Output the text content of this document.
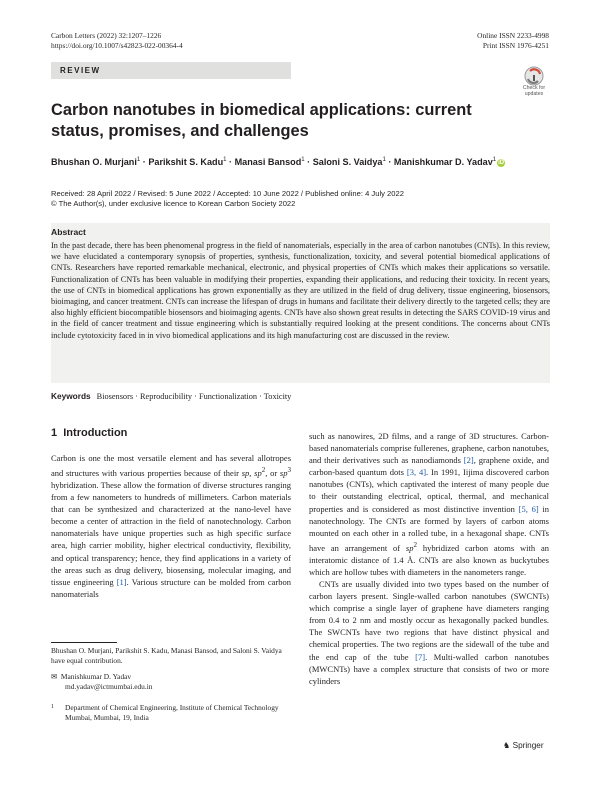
Carbon Letters (2022) 32:1207–1226
https://doi.org/10.1007/s42823-022-00364-4
Online ISSN 2233-4998
Print ISSN 1976-4251
REVIEW
Check for
updates
Carbon nanotubes in biomedical applications: current status, promises, and challenges
Bhushan O. Murjani$^1$ · Parikshit S. Kadu$^1$ · Manasi Bansod$^1$ · Saloni S. Vaidya$^1$ · Manishkumar D. Yadav$^1$ iD
Received: 28 April 2022 / Revised: 5 June 2022 / Accepted: 10 June 2022 / Published online: 4 July 2022
© The Author(s), under exclusive licence to Korean Carbon Society 2022
Abstract
In the past decade, there has been phenomenal progress in the field of nanomaterials, especially in the area of carbon nanotubes (CNTs). In this review, we have elucidated a contemporary synopsis of properties, synthesis, functionalization, toxicity, and several potential biomedical applications of CNTs. Researchers have reported remarkable mechanical, electronic, and physical properties of CNTs which makes their applications so versatile. Functionalization of CNTs has been valuable in modifying their properties, expanding their applications, and reducing their toxicity. In recent years, the use of CNTs in biomedical applications has grown exponentially as they are utilized in the field of drug delivery, tissue engineering, biosensors, bioimaging, and cancer treatment. CNTs can increase the lifespan of drugs in humans and facilitate their delivery directly to the targeted cells; they are also highly efficient biocompatible biosensors and bioimaging agents. CNTs have also shown great results in detecting the SARS COVID-19 virus and in the field of cancer treatment and tissue engineering which is substantially required looking at the present conditions. The concerns about CNTs include cytotoxicity faced in in vivo biomedical applications and its high manufacturing cost are discussed in the review.
Keywords Biosensors · Reproducibility · Functionalization · Toxicity
1 Introduction

Carbon is one the most versatile element and has several allotropes and structures with various properties because of their sp, $sp^2$, or $sp^3$ hybridization. These allow the formation of diverse structures ranging from a few nanometers to hundreds of millimeters. Carbon materials that can be synthesized and characterized at the nano-level have become a center of attraction in the field of nanotechnology. Carbon nanomaterials have unique properties such as high specific surface area, high carrier mobility, higher electrical conductivity, flexibility, and optical transparency; hence, they find applications in a variety of the areas such as drug delivery, biosensing, molecular imaging, and tissue engineering [1]. Various structure can be molded from carbon nanomaterials

such as nanowires, 2D films, and a range of 3D structures. Carbon-based nanomaterials comprise fullerenes, graphene, carbon nanotubes, and their derivatives such as nanodiamonds [2], graphene oxide, and carbon-based quantum dots [3, 4]. In 1991, Iijima discovered carbon nanotubes (CNTs), which captivated the interest of many people due to their outstanding electrical, optical, thermal, and mechanical properties and is considered as most distinctive invention [5, 6] in nanotechnology. The CNTs are formed by layers of carbon atoms mounted on each other in a rolled tube, in a hexagonal shape. CNTs have an arrangement of $sp^2$ hybridized carbon atoms with an interatomic distance of 1.4 Å. CNTs are also known as buckytubes which are hollow tubes with diameters in the nanometers range.

CNTs are usually divided into two types based on the number of carbon layers present. Single-walled carbon nanotubes (SWCNTs) which comprise a single layer of graphene have diameters ranging from 0.4 to 2 nm and mostly occur as hexagonally packed bundles. The SWCNTs have two regions that have distinct physical and chemical properties. The two regions are the sidewall of the tube and the end cap of the tube [7]. Multi-walled carbon nanotubes (MWCNTs) have a complex structure that consists of two or more cylinders

Bhushan O. Murjani, Parikshit S. Kadu, Manasi Bansod, and Saloni S. Vaidya have equal contribution.
✉ Manishkumar D. Yadav
md.yadav@ictmumbai.edu.in
1	Department of Chemical Engineering, Institute of Chemical Technology Mumbai, Mumbai, 19, India
♞ Springer
